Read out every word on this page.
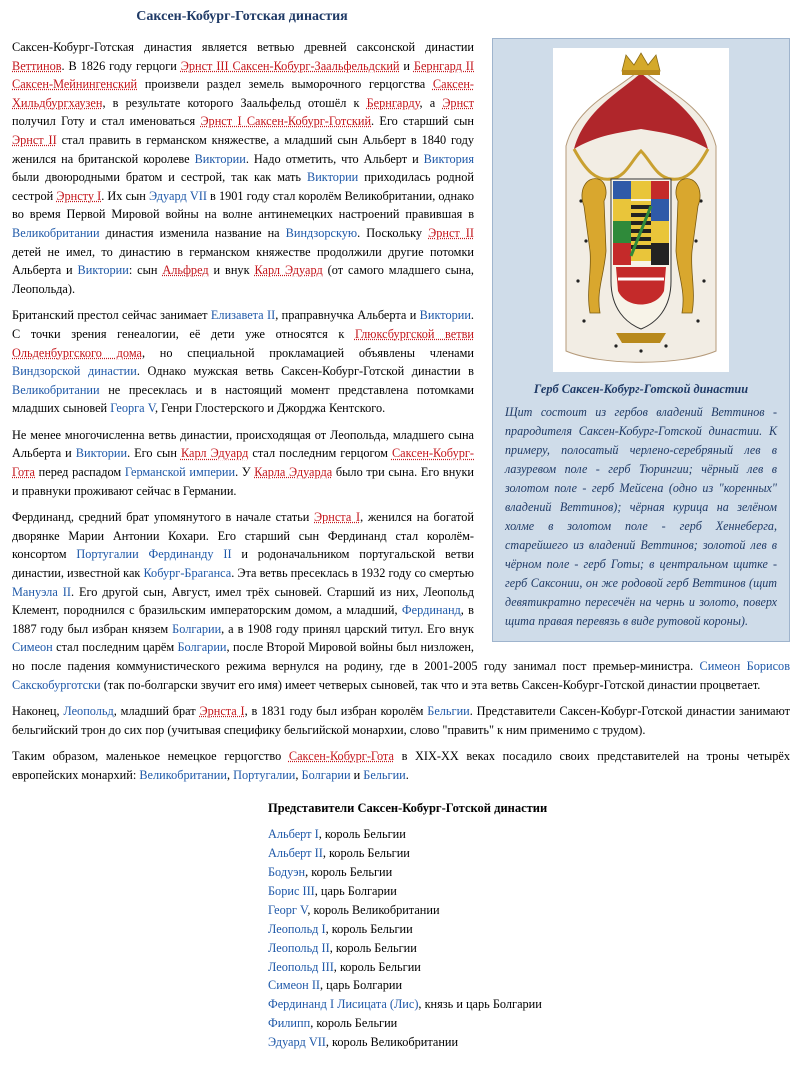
Саксен-Кобург-Готская династия
Герб Саксен-Кобург-Готской династии
Щит состоит из гербов владений Веттинов - прародителя Саксен-Кобург-Готской династии. К примеру, полосатый черлено-серебряный лев в лазуревом поле - герб Тюрингии; чёрный лев в золотом поле - герб Мейсена (одно из "коренных" владений Веттинов); чёрная курица на зелёном холме в золотом поле - герб Хеннеберга, старейшего из владений Веттинов; золотой лев в чёрном поле - герб Готы; в центральном щитке - герб Саксонии, он же родовой герб Веттинов (щит девятикратно пересечён на чернь и золото, поверх щита правая перевязь в виде рутовой короны).

Саксен-Кобург-Готская династия является ветвью древней саксонской династии Веттинов. В 1826 году герцоги Эрнст III Саксен-Кобург-Заальфельдский и Бернгард II Саксен-Мейнингенский произвели раздел земель выморочного герцогства Саксен-Хильдбургхаузен, в результате которого Заальфельд отошёл к Бернгарду, а Эрнст получил Готу и стал именоваться Эрнст I Саксен-Кобург-Готский. Его старший сын Эрнст II стал править в германском княжестве, а младший сын Альберт в 1840 году женился на британской королеве Виктории. Надо отметить, что Альберт и Виктория были двоюродными братом и сестрой, так как мать Виктории приходилась родной сестрой Эрнсту I. Их сын Эдуард VII в 1901 году стал королём Великобритании, однако во время Первой Мировой войны на волне антинемецких настроений правившая в Великобритании династия изменила название на Виндзорскую. Поскольку Эрнст II детей не имел, то династию в германском княжестве продолжили другие потомки Альберта и Виктории: сын Альфред и внук Карл Эдуард (от самого младшего сына, Леопольда).

Британский престол сейчас занимает Елизавета II, праправнучка Альберта и Виктории. С точки зрения генеалогии, её дети уже относятся к Глюксбургской ветви Ольденбургского дома, но специальной прокламацией объявлены членами Виндзорской династии. Однако мужская ветвь Саксен-Кобург-Готской династии в Великобритании не пресеклась и в настоящий момент представлена потомками младших сыновей Георга V, Генри Глостерского и Джорджа Кентского.

Не менее многочисленна ветвь династии, происходящая от Леопольда, младшего сына Альберта и Виктории. Его сын Карл Эдуард стал последним герцогом Саксен-Кобург-Гота перед распадом Германской империи. У Карла Эдуарда было три сына. Его внуки и правнуки проживают сейчас в Германии.

Фердинанд, средний брат упомянутого в начале статьи Эрнста I, женился на богатой дворянке Марии Антонии Кохари. Его старший сын Фердинанд стал королём-консортом Португалии Фердинанду II и родоначальником португальской ветви династии, известной как Кобург-Браганса. Эта ветвь пресеклась в 1932 году со смертью Мануэла II. Его другой сын, Август, имел трёх сыновей. Старший из них, Леопольд Клемент, породнился с бразильским императорским домом, а младший, Фердинанд, в 1887 году был избран князем Болгарии, а в 1908 году принял царский титул. Его внук Симеон стал последним царём Болгарии, после Второй Мировой войны был низложен, но после падения коммунистического режима вернулся на родину, где в 2001-2005 году занимал пост премьер-министра. Симеон Борисов Сакскобурготски (так по-болгарски звучит его имя) имеет четверых сыновей, так что и эта ветвь Саксен-Кобург-Готской династии процветает.

Наконец, Леопольд, младший брат Эрнста I, в 1831 году был избран королём Бельгии. Представители Саксен-Кобург-Готской династии занимают бельгийский трон до сих пор (учитывая специфику бельгийской монархии, слово "править" к ним применимо с трудом).

Таким образом, маленькое немецкое герцогство Саксен-Кобург-Гота в XIX-XX веках посадило своих представителей на троны четырёх европейских монархий: Великобритании, Португалии, Болгарии и Бельгии.

Представители Саксен-Кобург-Готской династии
Альберт I, король Бельгии
Альберт II, король Бельгии
Бодуэн, король Бельгии
Борис III, царь Болгарии
Георг V, король Великобритании
Леопольд I, король Бельгии
Леопольд II, король Бельгии
Леопольд III, король Бельгии
Симеон II, царь Болгарии
Фердинанд I Лисицата (Лис), князь и царь Болгарии
Филипп, король Бельгии
Эдуард VII, король Великобритании
